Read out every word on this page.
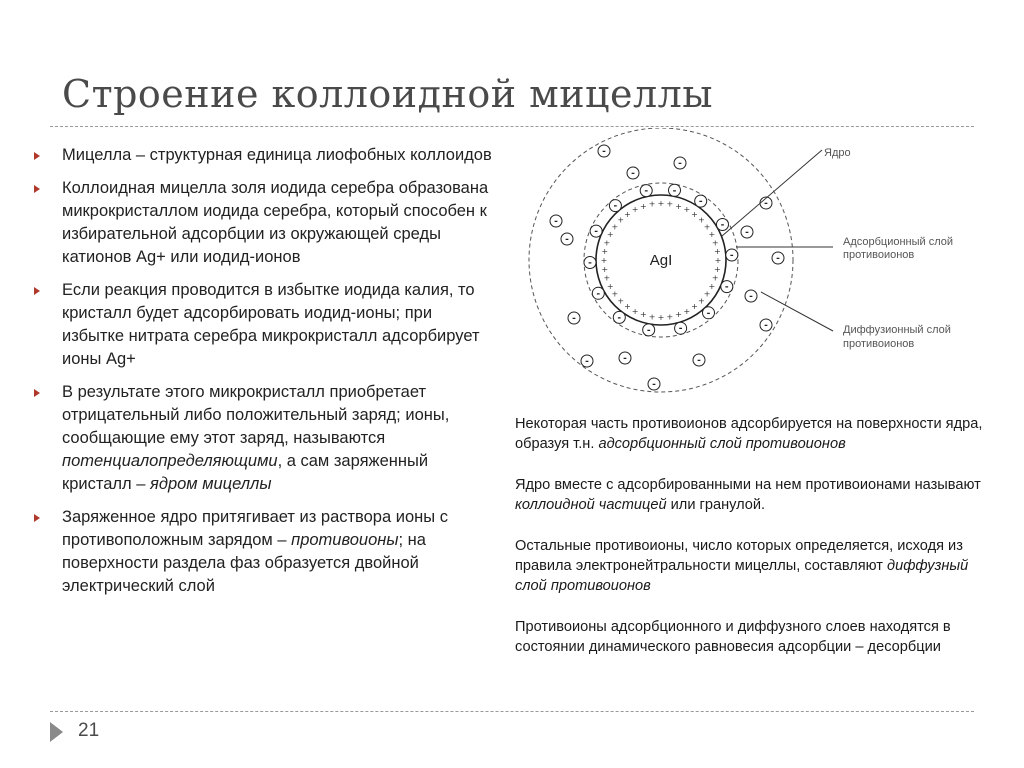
Строение коллоидной мицеллы
Мицелла – структурная единица лиофобных коллоидов
Коллоидная мицелла золя иодида серебра образована микрокристаллом иодида серебра, который способен к избирательной адсорбции из окружающей среды катионов Ag+ или иодид-ионов
Если реакция проводится в избытке иодида калия, то кристалл будет адсорбировать иодид-ионы; при избытке нитрата серебра микрокристалл адсорбирует ионы Ag+
В результате этого микрокристалл приобретает отрицательный либо положительный заряд; ионы, сообщающие ему этот заряд, называются потенциалопределяющими, а сам заряженный кристалл – ядром мицеллы
Заряженное ядро притягивает из раствора ионы с противоположным зарядом – противоионы; на поверхности раздела фаз образуется двойной электрический слой
+
+
+
+
+
+
+
+
+
+
+
+
+
+
+
+
+
+
+
+
+
+
+
+
+
+
+
+ + + + + + +
+
+
+
+
+
+
-	-
-
-
-
-
-
-
-
-
-
-
-
-
-
-
-
-
-
-
-
-
-
-
-
-	-	-
-
AgI
Ядро
Адсорбционный слой
противоионов
Диффузионный слой
противоионов

Некоторая часть противоионов адсорбируется на поверхности ядра, образуя т.н. адсорбционный слой противоионов

Ядро вместе с адсорбированными на нем противоионами называют коллоидной частицей или гранулой.

Остальные противоионы, число которых определяется, исходя из правила электронейтральности мицеллы, составляют диффузный слой противоионов

Противоионы адсорбционного и диффузного слоев находятся в состоянии динамического равновесия адсорбции – десорбции

21
